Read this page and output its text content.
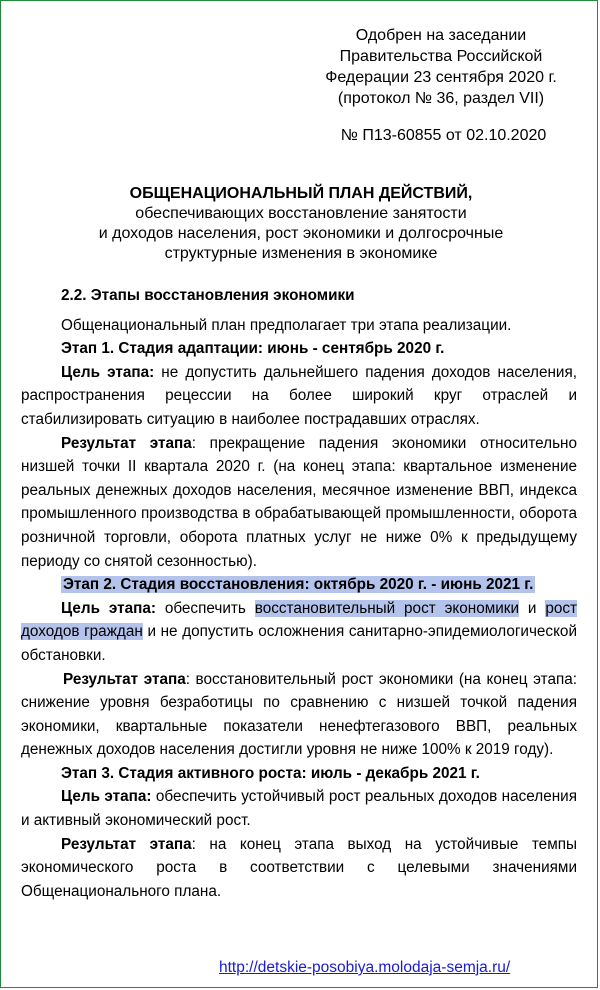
Одобрен на заседании
Правительства Российской
Федерации 23 сентября 2020 г.
(протокол № 36, раздел VII)
№ П13-60855 от 02.10.2020
ОБЩЕНАЦИОНАЛЬНЫЙ ПЛАН ДЕЙСТВИЙ,
обеспечивающих восстановление занятости
и доходов населения, рост экономики и долгосрочные
структурные изменения в экономике

2.2. Этапы восстановления экономики

Общенациональный план предполагает три этапа реализации.

Этап 1. Стадия адаптации: июнь - сентябрь 2020 г.

Цель этапа: не допустить дальнейшего падения доходов населения, распространения рецессии на более широкий круг отраслей и стабилизировать ситуацию в наиболее пострадавших отраслях.

Результат этапа: прекращение падения экономики относительно низшей точки II квартала 2020 г. (на конец этапа: квартальное изменение реальных денежных доходов населения, месячное изменение ВВП, индекса промышленного производства в обрабатывающей промышленности, оборота розничной торговли, оборота платных услуг не ниже 0% к предыдущему периоду со снятой сезонностью).

Этап 2. Стадия восстановления: октябрь 2020 г. - июнь 2021 г.

Цель этапа: обеспечить восстановительный рост экономики и рост доходов граждан и не допустить осложнения санитарно-эпидемиологической обстановки.

Результат этапа: восстановительный рост экономики (на конец этапа: снижение уровня безработицы по сравнению с низшей точкой падения экономики, квартальные показатели ненефтегазового ВВП, реальных денежных доходов населения достигли уровня не ниже 100% к 2019 году).

Этап 3. Стадия активного роста: июль - декабрь 2021 г.

Цель этапа: обеспечить устойчивый рост реальных доходов населения и активный экономический рост.

Результат этапа: на конец этапа выход на устойчивые темпы экономического роста в соответствии с целевыми значениями Общенационального плана.

http://detskie-posobiya.molodaja-semja.ru/
